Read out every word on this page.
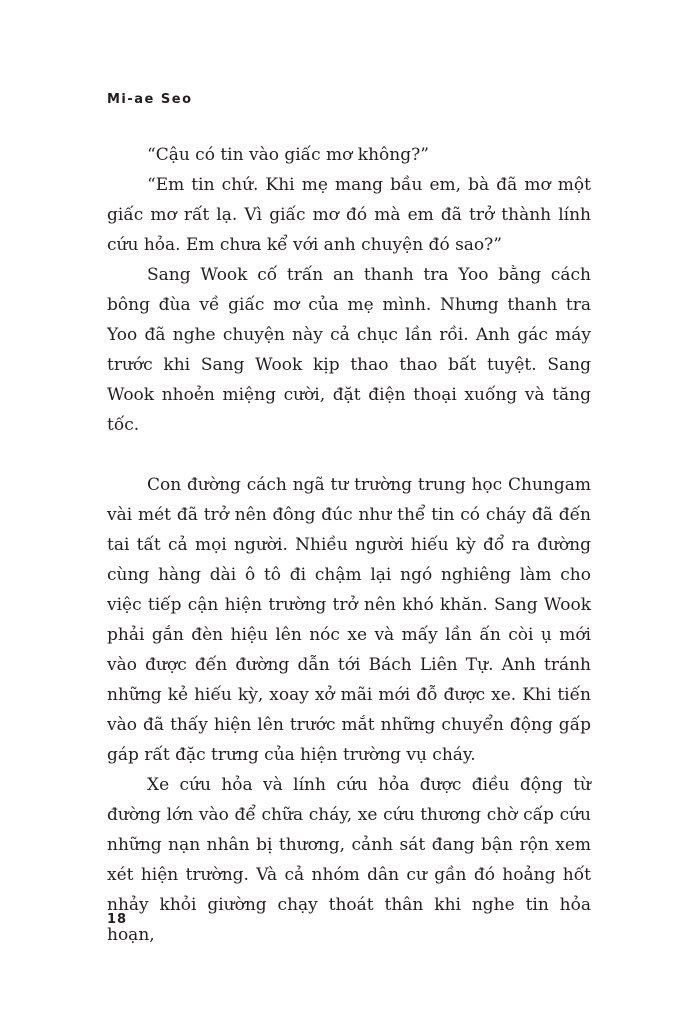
Mi-ae Seo

“Cậu có tin vào giấc mơ không?”

“Em tin chứ. Khi mẹ mang bầu em, bà đã mơ một giấc mơ rất lạ. Vì giấc mơ đó mà em đã trở thành lính cứu hỏa. Em chưa kể với anh chuyện đó sao?”

Sang Wook cố trấn an thanh tra Yoo bằng cách bông đùa về giấc mơ của mẹ mình. Nhưng thanh tra Yoo đã nghe chuyện này cả chục lần rồi. Anh gác máy trước khi Sang Wook kịp thao thao bất tuyệt. Sang Wook nhoẻn miệng cười, đặt điện thoại xuống và tăng tốc.

Con đường cách ngã tư trường trung học Chungam vài mét đã trở nên đông đúc như thể tin có cháy đã đến tai tất cả mọi người. Nhiều người hiếu kỳ đổ ra đường cùng hàng dài ô tô đi chậm lại ngó nghiêng làm cho việc tiếp cận hiện trường trở nên khó khăn. Sang Wook phải gắn đèn hiệu lên nóc xe và mấy lần ấn còi ụ mới vào được đến đường dẫn tới Bách Liên Tự. Anh tránh những kẻ hiếu kỳ, xoay xở mãi mới đỗ được xe. Khi tiến vào đã thấy hiện lên trước mắt những chuyển động gấp gáp rất đặc trưng của hiện trường vụ cháy.

Xe cứu hỏa và lính cứu hỏa được điều động từ đường lớn vào để chữa cháy, xe cứu thương chờ cấp cứu những nạn nhân bị thương, cảnh sát đang bận rộn xem xét hiện trường. Và cả nhóm dân cư gần đó hoảng hốt nhảy khỏi giường chạy thoát thân khi nghe tin hỏa hoạn,

18
